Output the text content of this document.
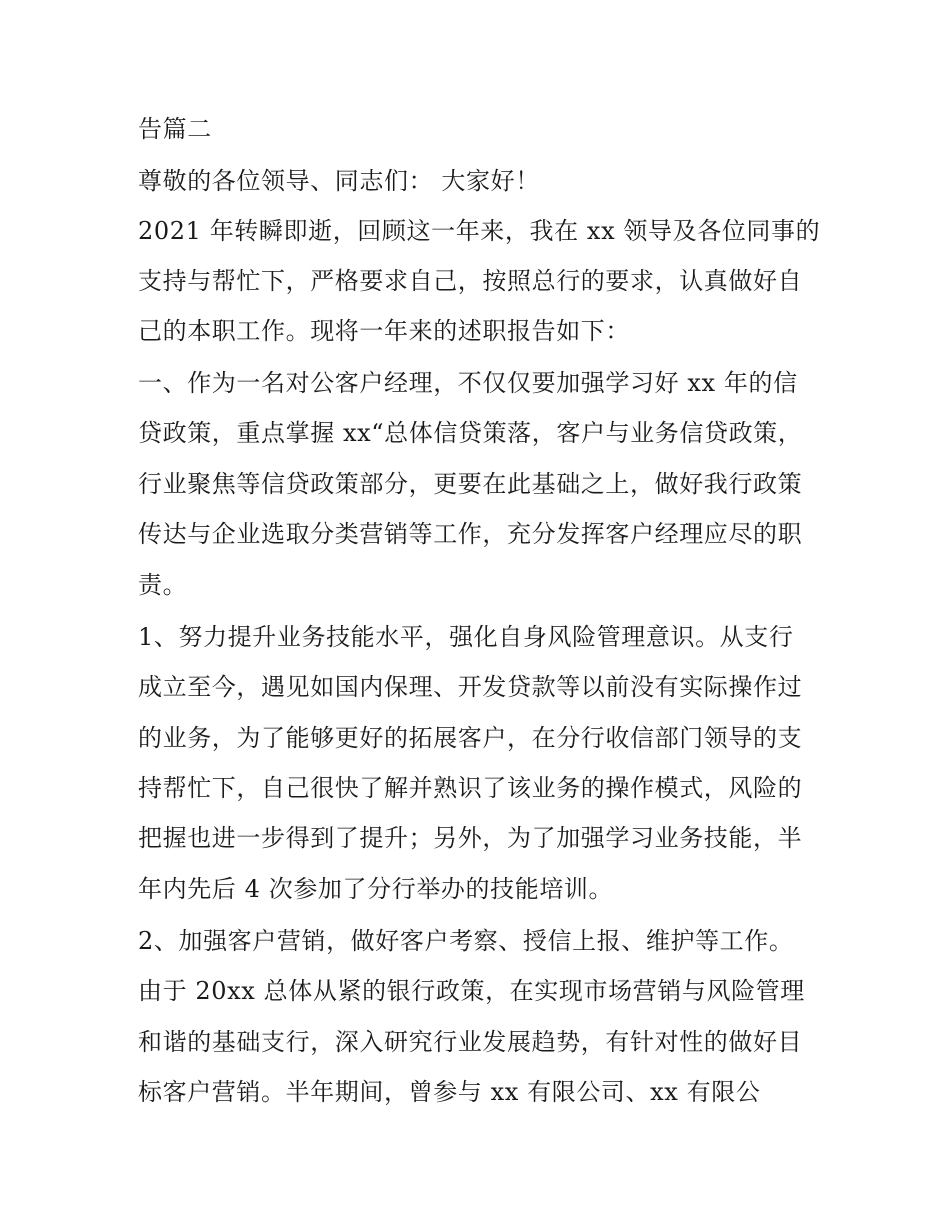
告篇二
尊敬的各位领导、同志们： 大家好！
2021 年转瞬即逝，回顾这一年来，我在 xx 领导及各位同事的
支持与帮忙下，严格要求自己，按照总行的要求，认真做好自
己的本职工作。现将一年来的述职报告如下：
一、作为一名对公客户经理，不仅仅要加强学习好 xx 年的信
贷政策，重点掌握 xx“总体信贷策落，客户与业务信贷政策，
行业聚焦等信贷政策部分，更要在此基础之上，做好我行政策
传达与企业选取分类营销等工作，充分发挥客户经理应尽的职
责。
1、努力提升业务技能水平，强化自身风险管理意识。从支行
成立至今，遇见如国内保理、开发贷款等以前没有实际操作过
的业务，为了能够更好的拓展客户，在分行收信部门领导的支
持帮忙下，自己很快了解并熟识了该业务的操作模式，风险的
把握也进一步得到了提升；另外，为了加强学习业务技能，半
年内先后 4 次参加了分行举办的技能培训。
2、加强客户营销，做好客户考察、授信上报、维护等工作。
由于 20xx 总体从紧的银行政策，在实现市场营销与风险管理
和谐的基础支行，深入研究行业发展趋势，有针对性的做好目
标客户营销。半年期间，曾参与 xx 有限公司、xx 有限公
